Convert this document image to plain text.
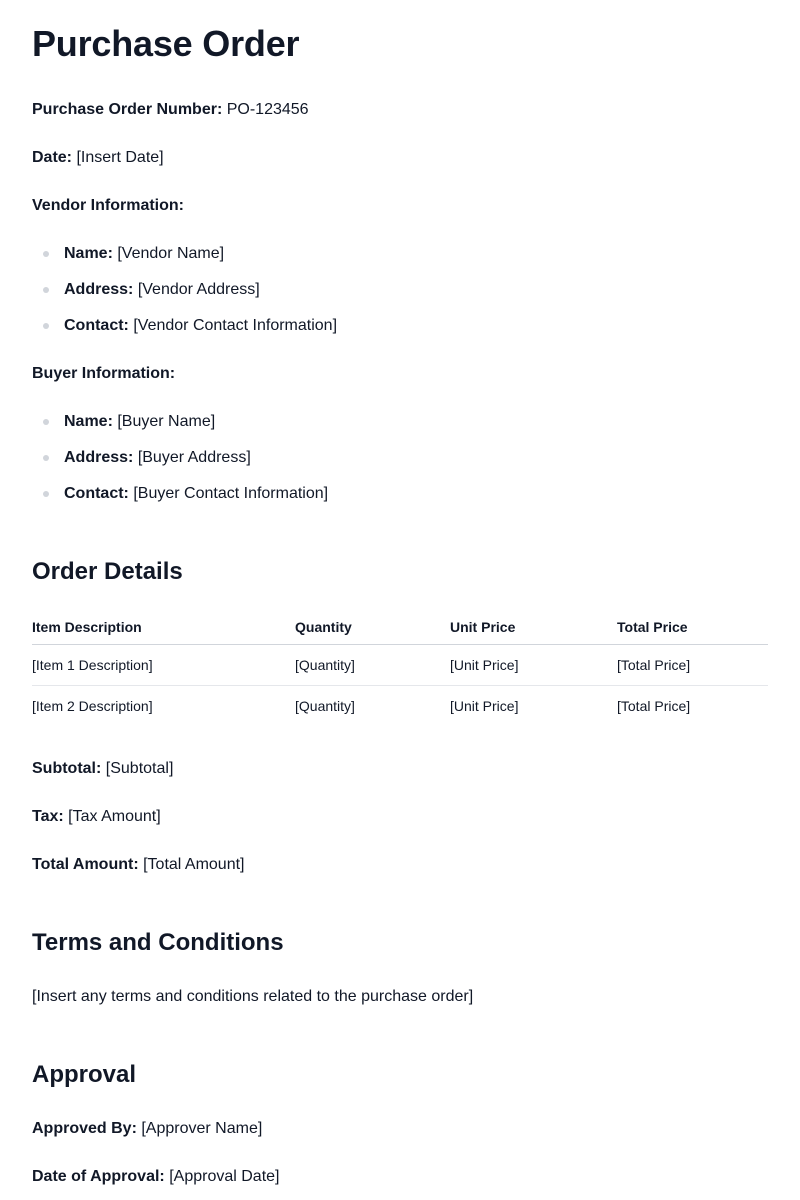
Purchase Order
Purchase Order Number: PO-123456
Date: [Insert Date]
Vendor Information:
Name: [Vendor Name]
Address: [Vendor Address]
Contact: [Vendor Contact Information]
Buyer Information:
Name: [Buyer Name]
Address: [Buyer Address]
Contact: [Buyer Contact Information]
Order Details
Item Description	Quantity	Unit Price	Total Price
[Item 1 Description]	[Quantity]	[Unit Price]	[Total Price]
[Item 2 Description]	[Quantity]	[Unit Price]	[Total Price]
Subtotal: [Subtotal]
Tax: [Tax Amount]
Total Amount: [Total Amount]
Terms and Conditions
[Insert any terms and conditions related to the purchase order]
Approval
Approved By: [Approver Name]
Date of Approval: [Approval Date]
